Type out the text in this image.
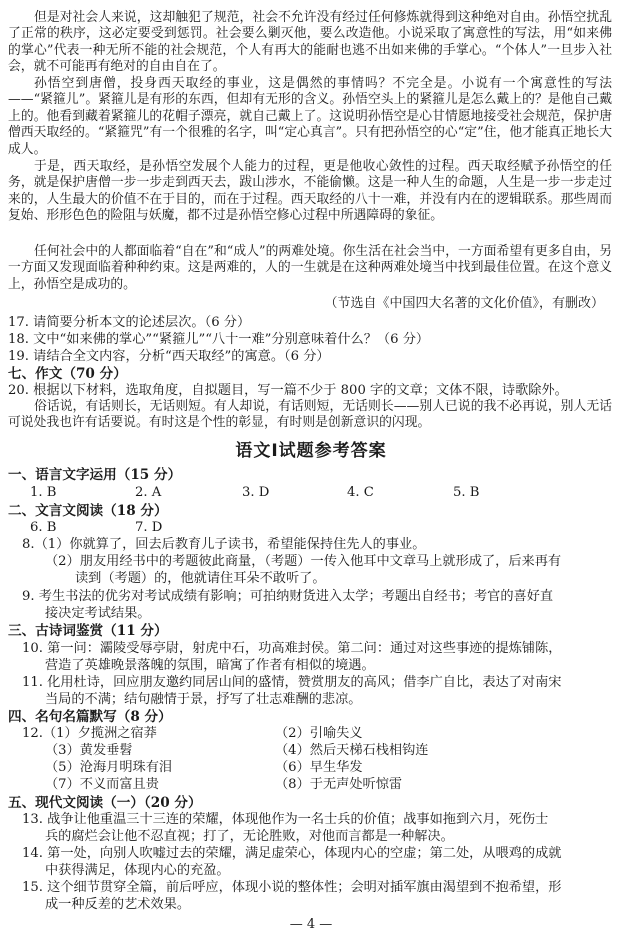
但是对社会人来说，这却触犯了规范，社会不允许没有经过任何修炼就得到这种绝对自由。孙悟空扰乱了正常的秩序，这必定要受到惩罚。社会要么剿灭他，要么改造他。小说采取了寓意性的写法，用“如来佛的掌心”代表一种无所不能的社会规范，个人有再大的能耐也逃不出如来佛的手掌心。“个体人”一旦步入社会，就不可能再有绝对的自由自在了。
孙悟空到唐僧，投身西天取经的事业，这是偶然的事情吗？不完全是。小说有一个寓意性的写法——“紧箍儿”。紧箍儿是有形的东西，但却有无形的含义。孙悟空头上的紧箍儿是怎么戴上的？是他自己戴上的。他看到藏着紧箍儿的花帽子漂亮，就自己戴上了。这说明孙悟空是心甘情愿地接受社会规范，保护唐僧西天取经的。“紧箍咒”有一个很雅的名字，叫“定心真言”。只有把孙悟空的心“定”住，他才能真正地长大成人。
于是，西天取经，是孙悟空发展个人能力的过程，更是他收心敛性的过程。西天取经赋予孙悟空的任务，就是保护唐僧一步一步走到西天去，跋山涉水，不能偷懒。这是一种人生的命题，人生是一步一步走过来的，人生最大的价值不在于目的，而在于过程。西天取经的八十一难，并没有内在的逻辑联系。那些周而复始、形形色色的险阻与妖魔，都不过是孙悟空修心过程中所遇障碍的象征。
任何社会中的人都面临着“自在”和“成人”的两难处境。你生活在社会当中，一方面希望有更多自由，另一方面又发现面临着种种约束。这是两难的，人的一生就是在这种两难处境当中找到最佳位置。在这个意义上，孙悟空是成功的。
（节选自《中国四大名著的文化价值》，有删改）
17. 请简要分析本文的论述层次。（6 分）
18. 文中“如来佛的掌心”“紧箍儿”“八十一难”分别意味着什么？（6 分）
19. 请结合全文内容，分析“西天取经”的寓意。（6 分）
七、作文（70 分）
20. 根据以下材料，选取角度，自拟题目，写一篇不少于 800 字的文章；文体不限，诗歌除外。
俗话说，有话则长，无话则短。有人却说，有话则短，无话则长——别人已说的我不必再说，别人无话可说处我也许有话要说。有时这是个性的彰显，有时则是创新意识的闪现。
语文Ⅰ试题参考答案
一、语言文字运用（15 分）
1. B	2. A	3. D	4. C	5. B
二、文言文阅读（18 分）
6. B	7. D
8.（1）你就算了，回去后教育儿子读书，希望能保持住先人的事业。
（2）朋友用经书中的考题彼此商量，（考题）一传入他耳中文章马上就形成了，后来再有
读到（考题）的，他就请住耳朵不敢听了。
9. 考生书法的优劣对考试成绩有影响；可拍纳财货进入太学；考题出自经书；考官的喜好直
接决定考试结果。
三、古诗词鉴赏（11 分）
10. 第一问：灞陵受辱亭尉，射虎中石，功高难封侯。第二问：通过对这些事迹的提炼铺陈，
营造了英雄晚景落魄的氛围，暗寓了作者有相似的境遇。
11. 化用杜诗，回应朋友邀约同居山间的盛情，赞赏朋友的高风；借李广自比，表达了对南宋
当局的不满；结句融情于景，抒写了壮志难酬的悲凉。
四、名句名篇默写（8 分）
12.（1）夕揽洲之宿莽	（2）引喻失义
（3）黄发垂髫	（4）然后天梯石栈相钩连
（5）沧海月明珠有泪	（6）早生华发
（7）不义而富且贵	（8）于无声处听惊雷
五、现代文阅读（一）（20 分）
13. 战争让他重温三十三连的荣耀，体现他作为一名士兵的价值；战事如拖到六月，死伤士
兵的腐烂会让他不忍直视；打了，无论胜败，对他而言都是一种解决。
14. 第一处，向别人吹嘘过去的荣耀，满足虚荣心，体现内心的空虚；第二处，从喂鸡的成就
中获得满足，体现内心的充盈。
15. 这个细节贯穿全篇，前后呼应，体现小说的整体性；会明对插军旗由渴望到不抱希望，形
成一种反差的艺术效果。
— 4 —
